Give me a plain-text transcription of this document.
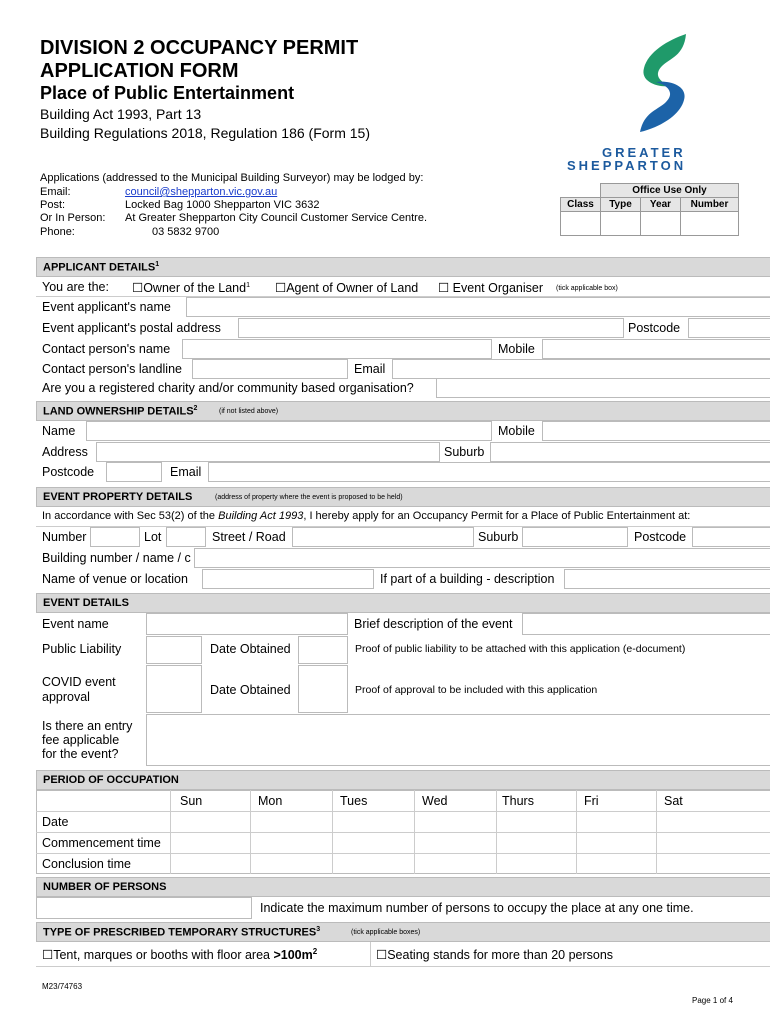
DIVISION 2 OCCUPANCY PERMIT
APPLICATION FORM
Place of Public Entertainment
Building Act 1993, Part 13
Building Regulations 2018, Regulation 186 (Form 15)
GREATER
SHEPPARTON
Applications (addressed to the Municipal Building Surveyor) may be lodged by:
Email:	council@shepparton.vic.gov.au
Post:	Locked Bag 1000 Shepparton VIC 3632
Or In Person: At Greater Shepparton City Council Customer Service Centre.
Phone:	03 5832 9700
	Office Use Only		
Class	Type	Year	Number

APPLICANT DETAILS$^1$
You are the: ☐Owner of the Land$^1$ ☐Agent of Owner of Land ☐ Event Organiser (tick applicable box)
Event applicant's name
Event applicant's postal address	Postcode
Contact person's name	Mobile
Contact person's landline	Email
Are you a registered charity and/or community based organisation?
LAND OWNERSHIP DETAILS$^2$	(if not listed above)
Name	Mobile
Address	Suburb
Postcode	Email
EVENT PROPERTY DETAILS	(address of property where the event is proposed to be held)
In accordance with Sec 53(2) of the Building Act 1993, I hereby apply for an Occupancy Permit for a Place of Public Entertainment at:
Number	Lot	Street / Road	Suburb	Postcode
Building number / name / c
Name of venue or location	If part of a building - description
EVENT DETAILS
Event name	Brief description of the event
Public Liability	Date Obtained	Proof of public liability to be attached with this application (e-document)
COVID event
approval	Date Obtained	Proof of approval to be included with this application
Is there an entry
fee applicable
for the event?
PERIOD OF OCCUPATION
Sun	Mon	Tues	Wed	Thurs	Fri	Sat
Date
Commencement time
Conclusion time
NUMBER OF PERSONS
Indicate the maximum number of persons to occupy the place at any one time.
TYPE OF PRESCRIBED TEMPORARY STRUCTURES$^3$	(tick applicable boxes)
☐Tent, marques or booths with floor area $>100m^2$	☐Seating stands for more than 20 persons
M23/74763
Page 1 of 4
